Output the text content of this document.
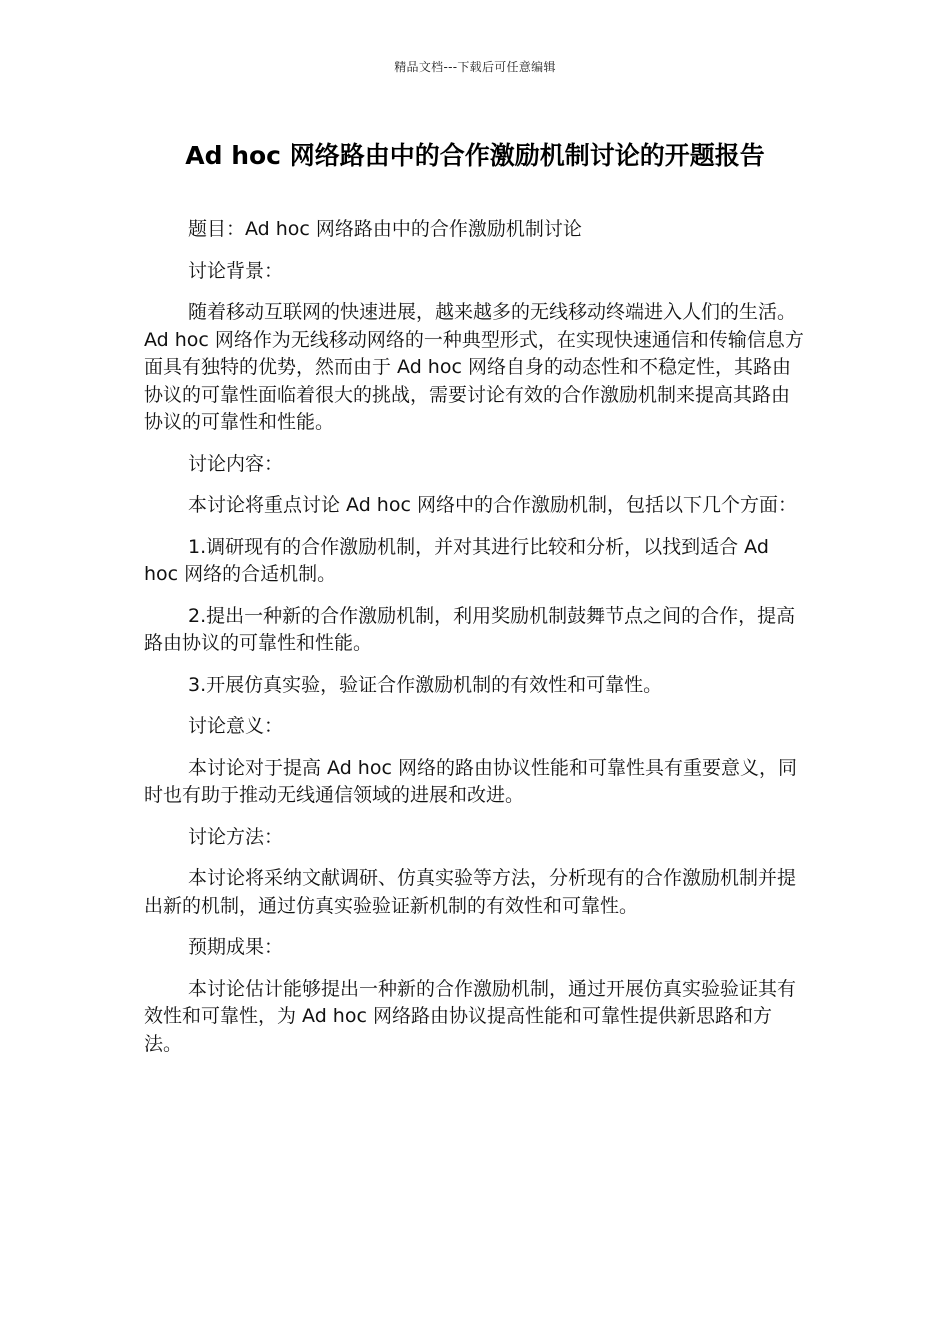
精品文档---下载后可任意编辑
Ad hoc 网络路由中的合作激励机制讨论的开题报告

题目：Ad hoc 网络路由中的合作激励机制讨论

讨论背景：

随着移动互联网的快速进展，越来越多的无线移动终端进入人们的生活。Ad hoc 网络作为无线移动网络的一种典型形式，在实现快速通信和传输信息方面具有独特的优势，然而由于 Ad hoc 网络自身的动态性和不稳定性，其路由协议的可靠性面临着很大的挑战，需要讨论有效的合作激励机制来提高其路由协议的可靠性和性能。

讨论内容：

本讨论将重点讨论 Ad hoc 网络中的合作激励机制，包括以下几个方面：

1.调研现有的合作激励机制，并对其进行比较和分析，以找到适合 Ad hoc 网络的合适机制。

2.提出一种新的合作激励机制，利用奖励机制鼓舞节点之间的合作，提高路由协议的可靠性和性能。

3.开展仿真实验，验证合作激励机制的有效性和可靠性。

讨论意义：

本讨论对于提高 Ad hoc 网络的路由协议性能和可靠性具有重要意义，同时也有助于推动无线通信领域的进展和改进。

讨论方法：

本讨论将采纳文献调研、仿真实验等方法，分析现有的合作激励机制并提出新的机制，通过仿真实验验证新机制的有效性和可靠性。

预期成果：

本讨论估计能够提出一种新的合作激励机制，通过开展仿真实验验证其有效性和可靠性，为 Ad hoc 网络路由协议提高性能和可靠性提供新思路和方法。
